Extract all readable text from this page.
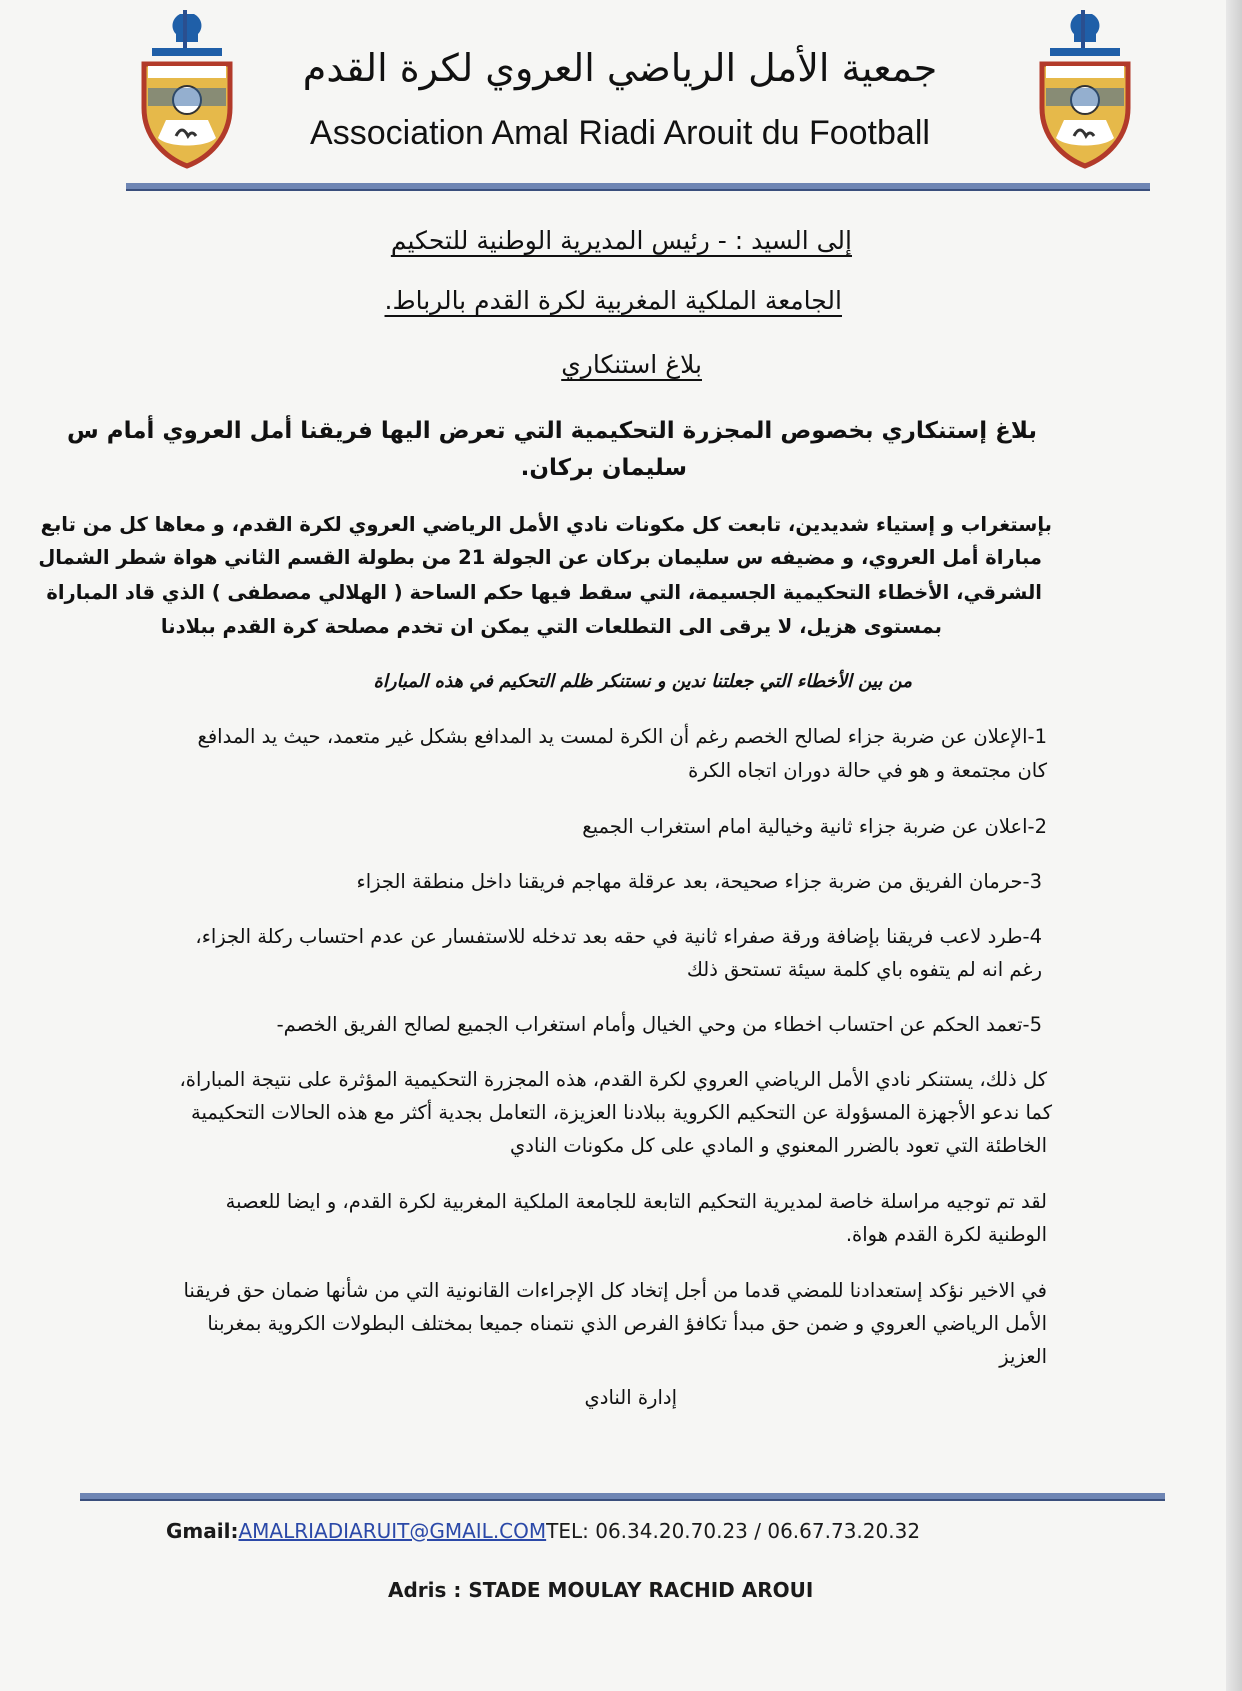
جمعية الأمل الرياضي العروي لكرة القدم
Association Amal Riadi Arouit du Football
إلى السيد : - رئيس المديرية الوطنية للتحكيم
الجامعة الملكية المغربية لكرة القدم بالرباط.
بلاغ استنكاري
بلاغ إستنكاري بخصوص المجزرة التحكيمية التي تعرض اليها فريقنا أمل العروي أمام س
سليمان بركان.
بإستغراب و إستياء شديدين، تابعت كل مكونات نادي الأمل الرياضي العروي لكرة القدم، و معاها كل من تابع
مباراة أمل العروي، و مضيفه س سليمان بركان عن الجولة 21 من بطولة القسم الثاني هواة شطر الشمال
الشرقي، الأخطاء التحكيمية الجسيمة، التي سقط فيها حكم الساحة ( الهلالي مصطفى ) الذي قاد المباراة
بمستوى هزيل، لا يرقى الى التطلعات التي يمكن ان تخدم مصلحة كرة القدم ببلادنا
من بين الأخطاء التي جعلتنا ندين و نستنكر ظلم التحكيم في هذه المباراة
1-الإعلان عن ضربة جزاء لصالح الخصم رغم أن الكرة لمست يد المدافع بشكل غير متعمد، حيث يد المدافع
كان مجتمعة و هو في حالة دوران اتجاه الكرة
2-اعلان عن ضربة جزاء ثانية وخيالية امام استغراب الجميع
3-حرمان الفريق من ضربة جزاء صحيحة، بعد عرقلة مهاجم فريقنا داخل منطقة الجزاء
4-طرد لاعب فريقنا بإضافة ورقة صفراء ثانية في حقه بعد تدخله للاستفسار عن عدم احتساب ركلة الجزاء،
رغم انه لم يتفوه باي كلمة سيئة تستحق ذلك
5-تعمد الحكم عن احتساب اخطاء من وحي الخيال وأمام استغراب الجميع لصالح الفريق الخصم-
كل ذلك، يستنكر نادي الأمل الرياضي العروي لكرة القدم، هذه المجزرة التحكيمية المؤثرة على نتيجة المباراة،
كما ندعو الأجهزة المسؤولة عن التحكيم الكروية ببلادنا العزيزة، التعامل بجدية أكثر مع هذه الحالات التحكيمية
الخاطئة التي تعود بالضرر المعنوي و المادي على كل مكونات النادي
لقد تم توجيه مراسلة خاصة لمديرية التحكيم التابعة للجامعة الملكية المغربية لكرة القدم، و ايضا للعصبة
الوطنية لكرة القدم هواة.
في الاخير نؤكد إستعدادنا للمضي قدما من أجل إتخاد كل الإجراءات القانونية التي من شأنها ضمان حق فريقنا
الأمل الرياضي العروي و ضمن حق مبدأ تكافؤ الفرص الذي نتمناه جميعا بمختلف البطولات الكروية بمغربنا
العزيز
إدارة النادي
Gmail:AMALRIADIARUIT@GMAIL.COMTEL: 06.34.20.70.23 / 06.67.73.20.32
Adris : STADE MOULAY RACHID AROUI
